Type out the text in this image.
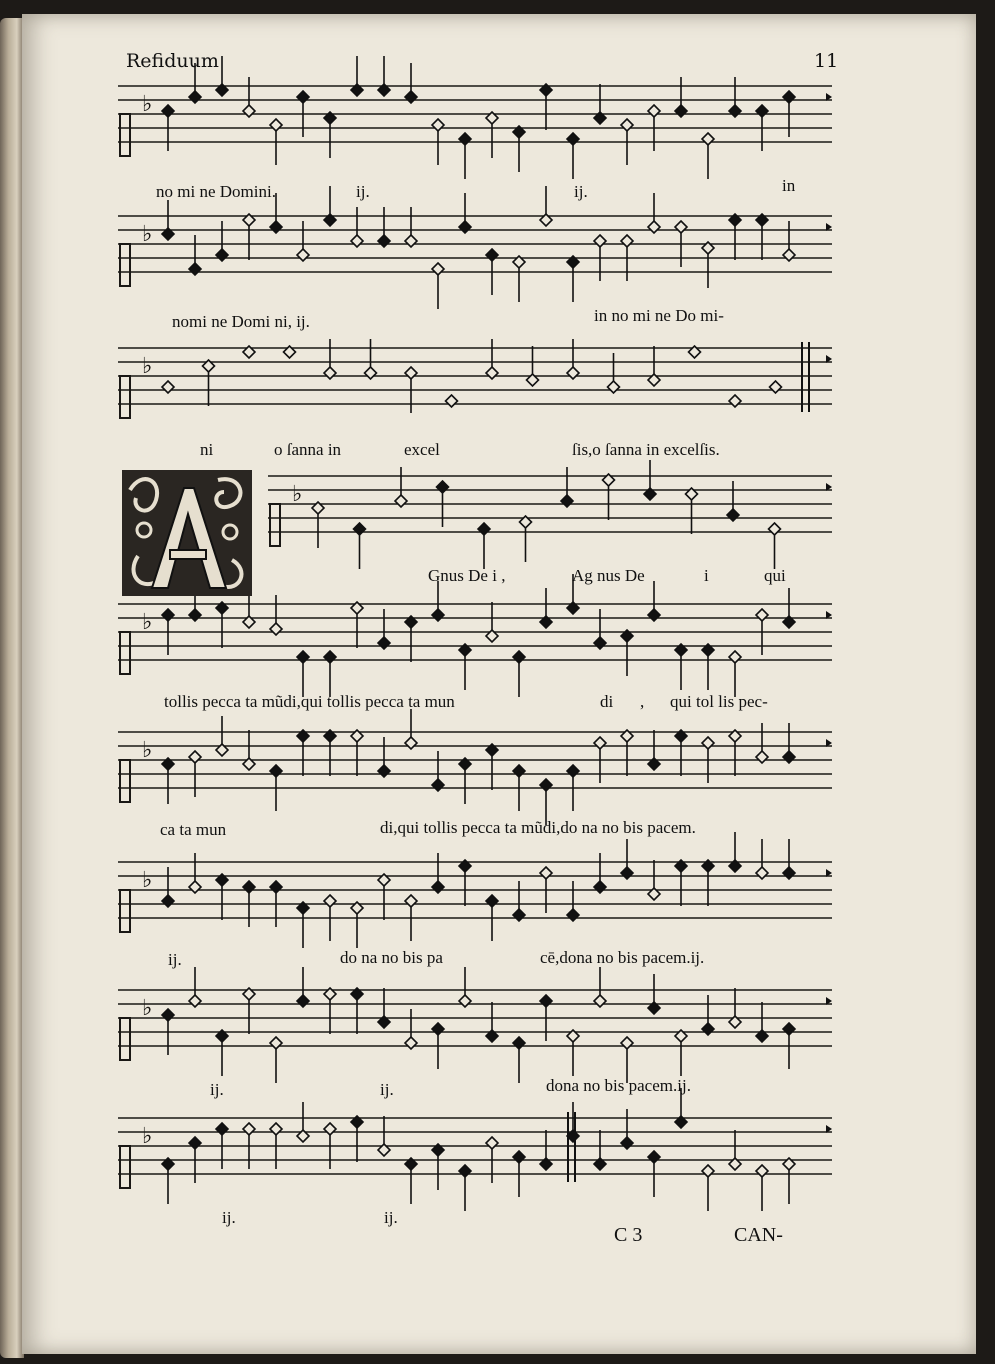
♭
♭
♭
♭
♭
♭
♭
♭
♭
Refiduum	11
no mi ne Domini.	ij.	ij.	in
nomi ne Domi ni, ij.	in no mi ne Do mi-
ni	o ſanna in	excel	ſis,o ſanna in excelſis.
Gnus De i ,	Ag nus De	i	qui
tollis pecca ta mũdi,qui tollis pecca ta mun	di , qui tol lis pec-
ca ta mun	di,qui tollis pecca ta mũdi,do na no bis pacem.
ij.	do na no bis pa	cē,dona no bis pacem.ij.
ij.	ij.	dona no bis pacem.ij.
ij.	ij.
C 3	CAN-
